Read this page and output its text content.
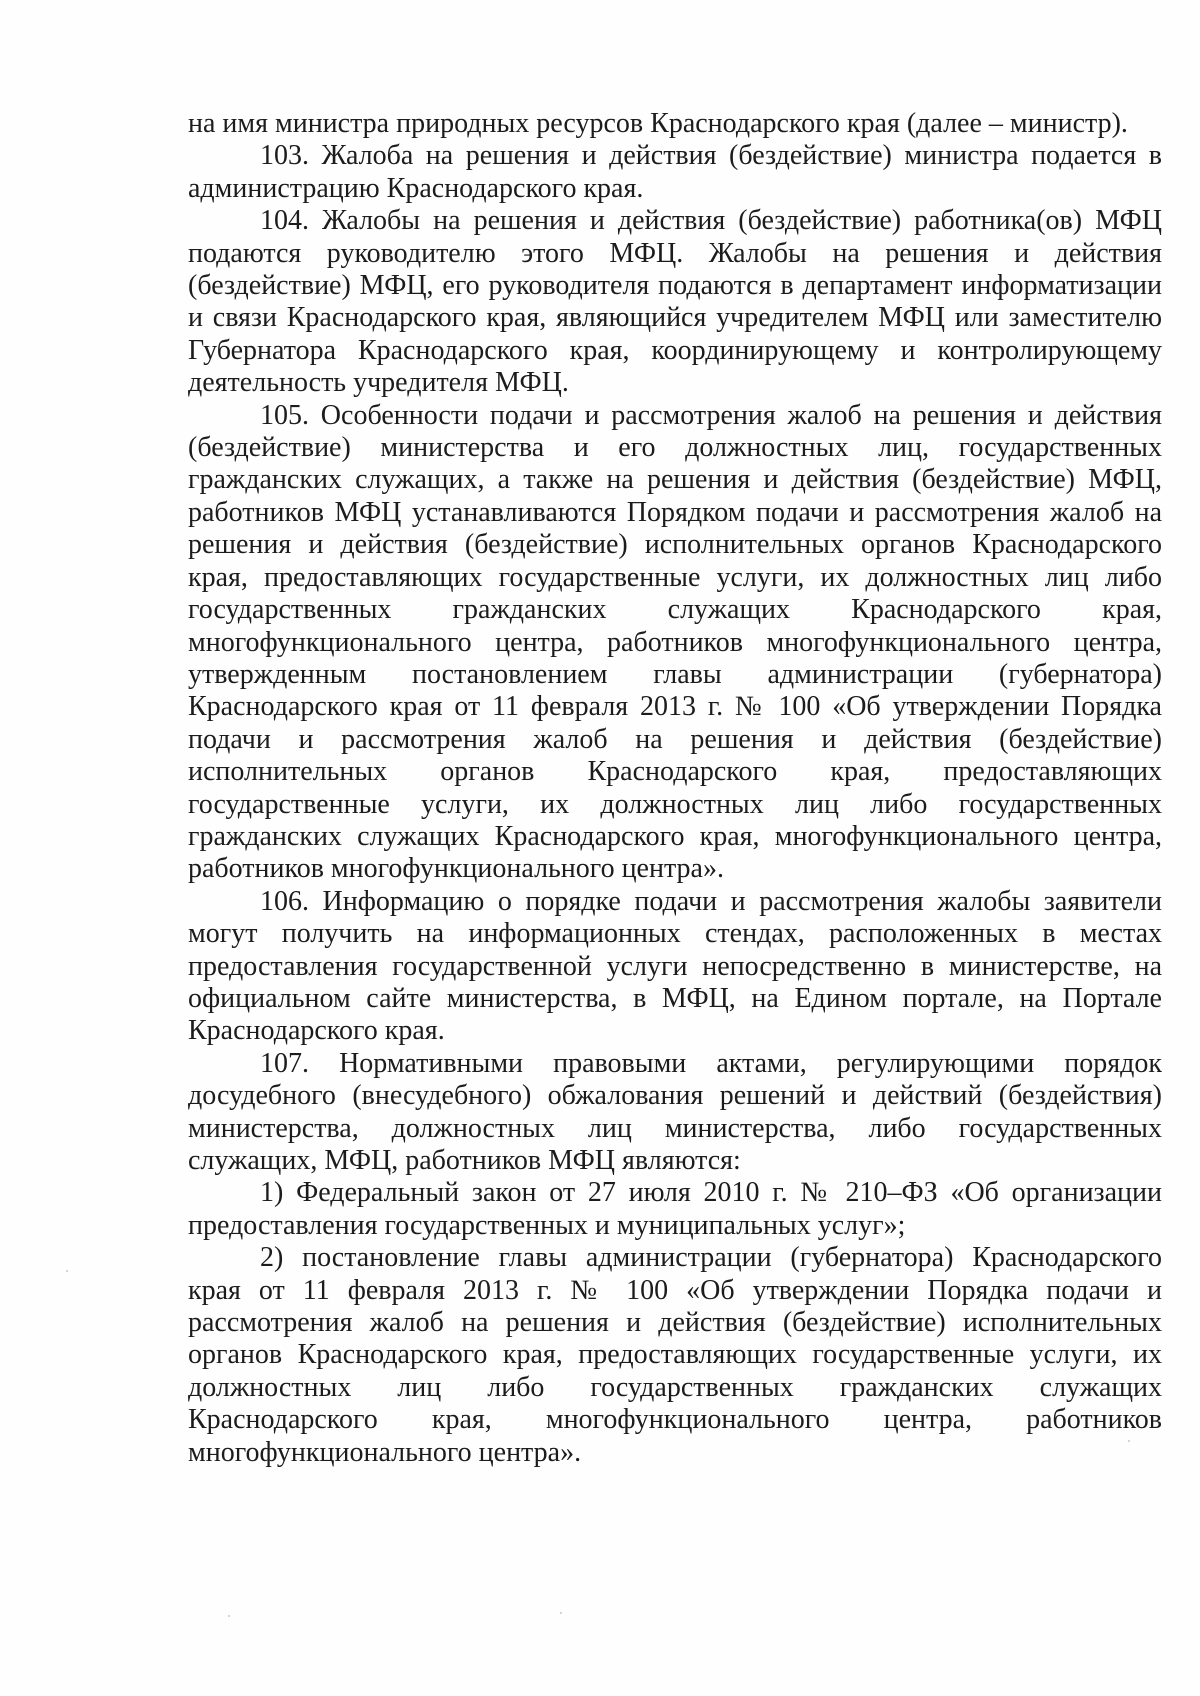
на имя министра природных ресурсов Краснодарского края (далее – министр).

103. Жалоба на решения и действия (бездействие) министра подается в администрацию Краснодарского края.

104. Жалобы на решения и действия (бездействие) работника(ов) МФЦ подаются руководителю этого МФЦ. Жалобы на решения и действия (бездействие) МФЦ, его руководителя подаются в департамент информатизации и связи Краснодарского края, являющийся учредителем МФЦ или заместителю Губернатора Краснодарского края, координирующему и контролирующему деятельность учредителя МФЦ.

105. Особенности подачи и рассмотрения жалоб на решения и действия (бездействие) министерства и его должностных лиц, государственных гражданских служащих, а также на решения и действия (бездействие) МФЦ, работников МФЦ устанавливаются Порядком подачи и рассмотрения жалоб на решения и действия (бездействие) исполнительных органов Краснодарского края, предоставляющих государственные услуги, их должностных лиц либо государственных гражданских служащих Краснодарского края, многофункционального центра, работников многофункционального центра, утвержденным постановлением главы администрации (губернатора) Краснодарского края от 11 февраля 2013 г. № 100 «Об утверждении Порядка подачи и рассмотрения жалоб на решения и действия (бездействие) исполнительных органов Краснодарского края, предоставляющих государственные услуги, их должностных лиц либо государственных гражданских служащих Краснодарского края, многофункционального центра, работников многофункционального центра».

106. Информацию о порядке подачи и рассмотрения жалобы заявители могут получить на информационных стендах, расположенных в местах предоставления государственной услуги непосредственно в министерстве, на официальном сайте министерства, в МФЦ, на Едином портале, на Портале Краснодарского края.

107. Нормативными правовыми актами, регулирующими порядок досудебного (внесудебного) обжалования решений и действий (бездействия) министерства, должностных лиц министерства, либо государственных служащих, МФЦ, работников МФЦ являются:

1) Федеральный закон от 27 июля 2010 г. № 210–ФЗ «Об организации предоставления государственных и муниципальных услуг»;

2) постановление главы администрации (губернатора) Краснодарского края от 11 февраля 2013 г. № 100 «Об утверждении Порядка подачи и рассмотрения жалоб на решения и действия (бездействие) исполнительных органов Краснодарского края, предоставляющих государственные услуги, их должностных лиц либо государственных гражданских служащих Краснодарского края, многофункционального центра, работников многофункционального центра».
